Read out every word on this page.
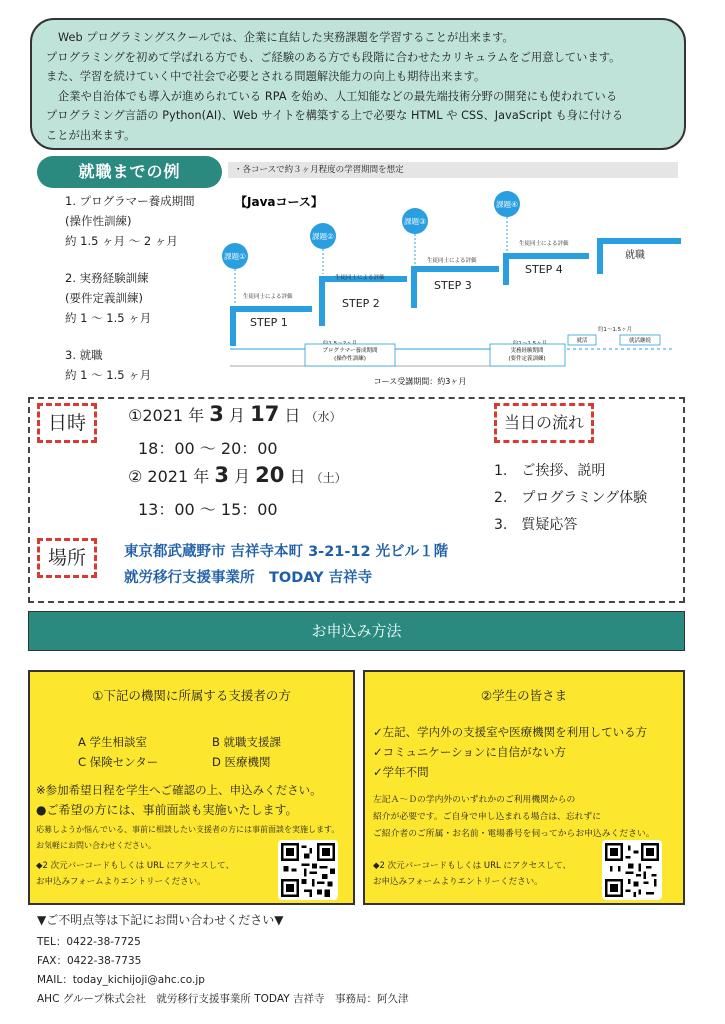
Web プログラミングスクールでは、企業に直結した実務課題を学習することが出来ます。

プログラミングを初めて学ばれる方でも、ご経験のある方でも段階に合わせたカリキュラムをご用意しています。

また、学習を続けていく中で社会で必要とされる問題解決能力の向上も期待出来ます。

企業や自治体でも導入が進められている RPA を始め、人工知能などの最先端技術分野の開発にも使われている

プログラミング言語の Python(AI)、Web サイトを構築する上で必要な HTML や CSS、JavaScript も身に付ける

ことが出来ます。

就職までの例	・各コースで約３ヶ月程度の学習期間を想定
1. プログラマー養成期間
(操作性訓練)
約 1.5 ヶ月 ～ 2 ヶ月
2. 実務経験訓練
(要件定義訓練)
約 1 ～ 1.5 ヶ月
3. 就職
約 1 ～ 1.5 ヶ月
【Javaコース】
STEP 1
STEP 2
STEP 3
STEP 4
就職
生徒同士による評価
生徒同士による評価
生徒同士による評価
生徒同士による評価
課題①
課題②
課題③
課題④
約1～1.5ヶ月
プログラマー養成期間
(操作性訓練)
実務経験期間
(要件定義訓練)
就活	就活継続
コース受講期間：約3ヶ月
日時
場所
当日の流れ
①2021 年 3 月 17 日 （水）
18：00 ～ 20：00
② 2021 年 3 月 20 日 （土）
13：00 ～ 15：00
1.　ご挨拶、説明
2.　プログラミング体験
3.　質疑応答
東京都武蔵野市 吉祥寺本町 3-21-12 光ビル１階
就労移行支援事業所　TODAY 吉祥寺
お申込み方法
①下記の機関に所属する支援者の方
A 学生相談室	B 就職支援課
C 保険センター	D 医療機関
※参加希望日程を学生へご確認の上、申込みください。
●ご希望の方には、事前面談も実施いたします。
応募しようか悩んでいる、事前に相談したい支援者の方には事前面談を実施します。
お気軽にお問い合わせください。
◆2 次元バーコードもしくは URL にアクセスして、
お申込みフォームよりエントリーください。
②学生の皆さま
✓左記、学内外の支援室や医療機関を利用している方
✓コミュニケーションに自信がない方
✓学年不問
左記Ａ～Ｄの学内外のいずれかのご利用機関からの
紹介が必要です。ご自身で申し込まれる場合は、忘れずに
ご紹介者のご所属・お名前・電場番号を伺ってからお申込みください。
◆2 次元バーコードもしくは URL にアクセスして、
お申込みフォームよりエントリーください。
▼ご不明点等は下記にお問い合わせください▼
TEL：0422-38-7725
FAX：0422-38-7735
MAIL：today_kichijoji@ahc.co.jp
AHC グループ株式会社　就労移行支援事業所 TODAY 吉祥寺　事務局：阿久津
